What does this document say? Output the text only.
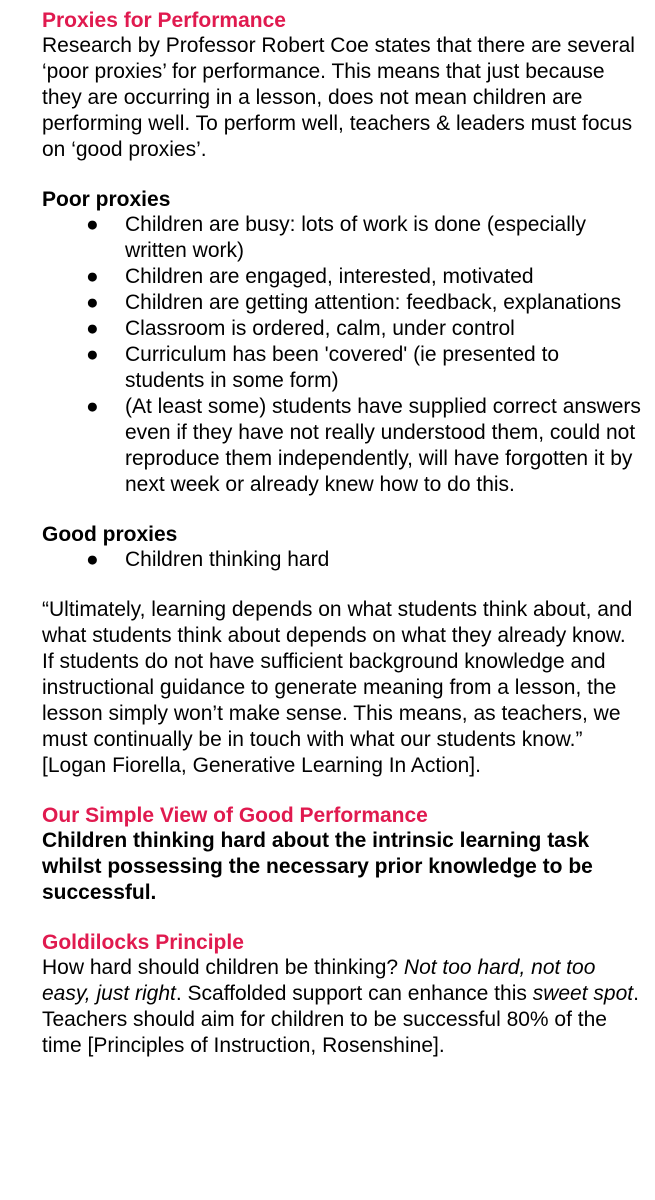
Proxies for Performance
Research by Professor Robert Coe states that there are several ‘poor proxies’ for performance. This means that just because they are occurring in a lesson, does not mean children are performing well. To perform well, teachers & leaders must focus on ‘good proxies’.
Poor proxies
● Children are busy: lots of work is done (especially written work)
● Children are engaged, interested, motivated
● Children are getting attention: feedback, explanations
● Classroom is ordered, calm, under control
● Curriculum has been 'covered' (ie presented to students in some form)
● (At least some) students have supplied correct answers even if they have not really understood them, could not reproduce them independently, will have forgotten it by next week or already knew how to do this.
Good proxies
● Children thinking hard
“Ultimately, learning depends on what students think about, and what students think about depends on what they already know. If students do not have sufficient background knowledge and instructional guidance to generate meaning from a lesson, the lesson simply won’t make sense. This means, as teachers, we must continually be in touch with what our students know.” [Logan Fiorella, Generative Learning In Action].
Our Simple View of Good Performance
Children thinking hard about the intrinsic learning task whilst possessing the necessary prior knowledge to be successful.
Goldilocks Principle
How hard should children be thinking? Not too hard, not too easy, just right. Scaffolded support can enhance this sweet spot. Teachers should aim for children to be successful 80% of the time [Principles of Instruction, Rosenshine].
